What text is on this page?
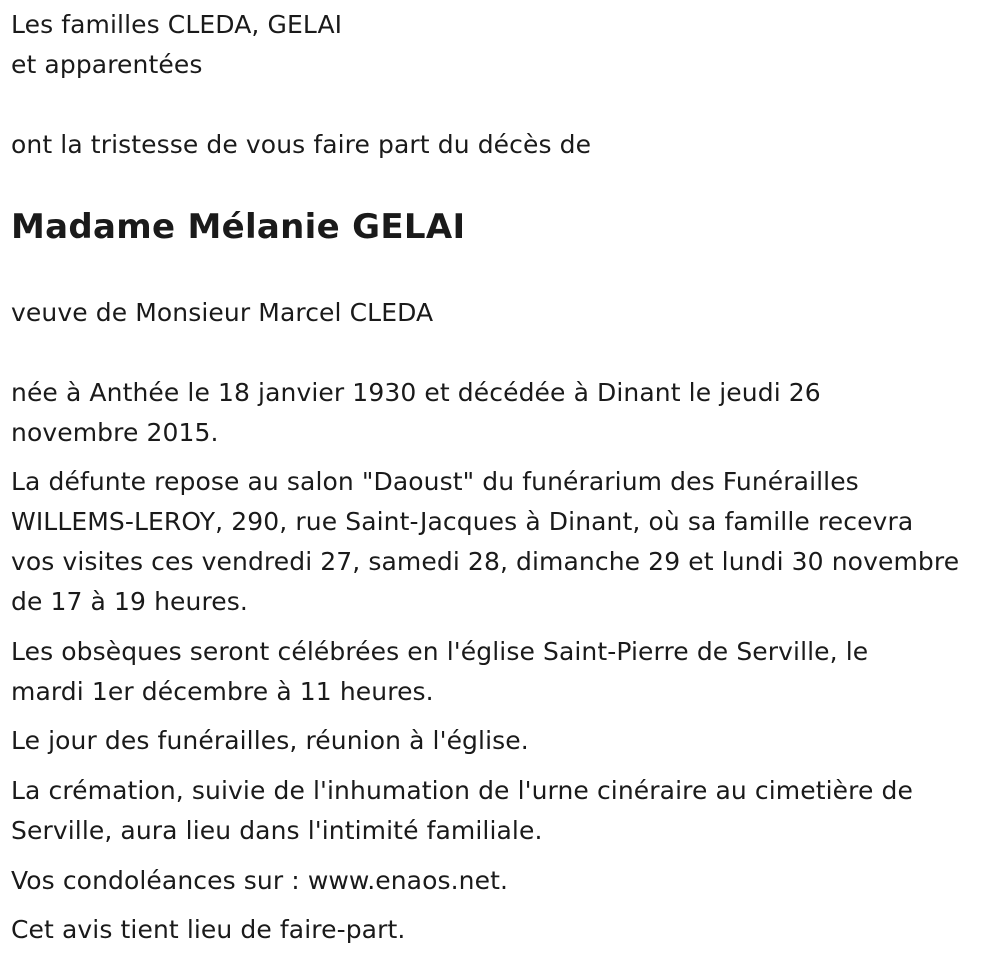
Les familles CLEDA, GELAI
et apparentées
ont la tristesse de vous faire part du décès de
Madame Mélanie GELAI
veuve de Monsieur Marcel CLEDA
née à Anthée le 18 janvier 1930 et décédée à Dinant le jeudi 26
novembre 2015.
La défunte repose au salon "Daoust" du funérarium des Funérailles
WILLEMS-LEROY, 290, rue Saint-Jacques à Dinant, où sa famille recevra
vos visites ces vendredi 27, samedi 28, dimanche 29 et lundi 30 novembre
de 17 à 19 heures.
Les obsèques seront célébrées en l'église Saint-Pierre de Serville, le
mardi 1er décembre à 11 heures.
Le jour des funérailles, réunion à l'église.
La crémation, suivie de l'inhumation de l'urne cinéraire au cimetière de
Serville, aura lieu dans l'intimité familiale.
Vos condoléances sur : www.enaos.net.
Cet avis tient lieu de faire-part.
